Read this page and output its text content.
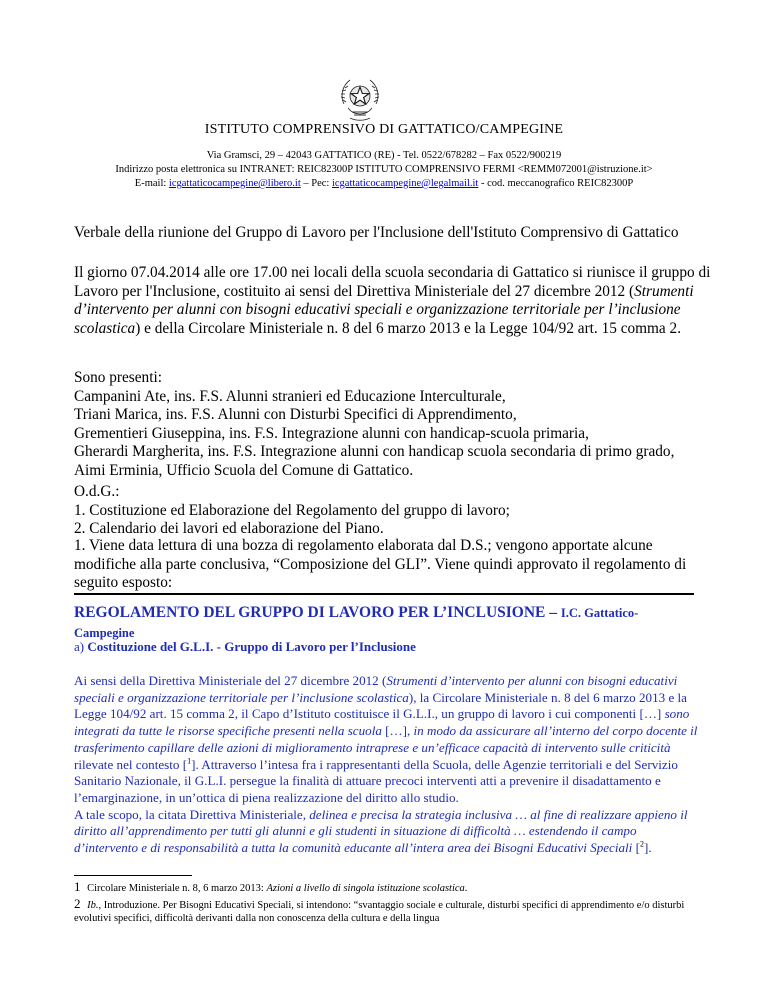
ISTITUTO COMPRENSIVO DI GATTATICO/CAMPEGINE
Via Gramsci, 29 – 42043 GATTATICO (RE) - Tel. 0522/678282 – Fax 0522/900219
Indirizzo posta elettronica su INTRANET: REIC82300P ISTITUTO COMPRENSIVO FERMI <REMM072001@istruzione.it>
E-mail: icgattaticocampegine@libero.it – Pec: icgattaticocampegine@legalmail.it - cod. meccanografico REIC82300P
Verbale della riunione del Gruppo di Lavoro per l'Inclusione dell'Istituto Comprensivo di Gattatico
Il giorno 07.04.2014 alle ore 17.00 nei locali della scuola secondaria di Gattatico si riunisce il gruppo di Lavoro per l'Inclusione, costituito ai sensi del Direttiva Ministeriale del 27 dicembre 2012 (Strumenti d’intervento per alunni con bisogni educativi speciali e organizzazione territoriale per l’inclusione scolastica) e della Circolare Ministeriale n. 8 del 6 marzo 2013 e la Legge 104/92 art. 15 comma 2.
Sono presenti:
Campanini Ate, ins. F.S. Alunni stranieri ed Educazione Interculturale,
Triani Marica, ins. F.S. Alunni con Disturbi Specifici di Apprendimento,
Grementieri Giuseppina, ins. F.S. Integrazione alunni con handicap-scuola primaria,
Gherardi Margherita, ins. F.S. Integrazione alunni con handicap scuola secondaria di primo grado,
Aimi Erminia, Ufficio Scuola del Comune di Gattatico.
O.d.G.:
1. Costituzione ed Elaborazione del Regolamento del gruppo di lavoro;
2. Calendario dei lavori ed elaborazione del Piano.
1. Viene data lettura di una bozza di regolamento elaborata dal D.S.; vengono apportate alcune modifiche alla parte conclusiva, “Composizione del GLI”. Viene quindi approvato il regolamento di seguito esposto:
REGOLAMENTO DEL GRUPPO DI LAVORO PER L’INCLUSIONE – I.C. Gattatico-Campegine
a) Costituzione del G.L.I. - Gruppo di Lavoro per l’Inclusione
Ai sensi della Direttiva Ministeriale del 27 dicembre 2012 (Strumenti d’intervento per alunni con bisogni educativi speciali e organizzazione territoriale per l’inclusione scolastica), la Circolare Ministeriale n. 8 del 6 marzo 2013 e la Legge 104/92 art. 15 comma 2, il Capo d’Istituto costituisce il G.L.I., un gruppo di lavoro i cui componenti […] sono integrati da tutte le risorse specifiche presenti nella scuola […], in modo da assicurare all’interno del corpo docente il trasferimento capillare delle azioni di miglioramento intraprese e un’efficace capacità di intervento sulle criticità rilevate nel contesto [$^1$]. Attraverso l’intesa fra i rappresentanti della Scuola, delle Agenzie territoriali e del Servizio Sanitario Nazionale, il G.L.I. persegue la finalità di attuare precoci interventi atti a prevenire il disadattamento e l’emarginazione, in un’ottica di piena realizzazione del diritto allo studio.
A tale scopo, la citata Direttiva Ministeriale, delinea e precisa la strategia inclusiva … al fine di realizzare appieno il diritto all’apprendimento per tutti gli alunni e gli studenti in situazione di difficoltà … estendendo il campo d’intervento e di responsabilità a tutta la comunità educante all’intera area dei Bisogni Educativi Speciali [$^2$].
1 Circolare Ministeriale n. 8, 6 marzo 2013: Azioni a livello di singola istituzione scolastica.
2 Ib., Introduzione. Per Bisogni Educativi Speciali, si intendono: “svantaggio sociale e culturale, disturbi specifici di apprendimento e/o disturbi evolutivi specifici, difficoltà derivanti dalla non conoscenza della cultura e della lingua
